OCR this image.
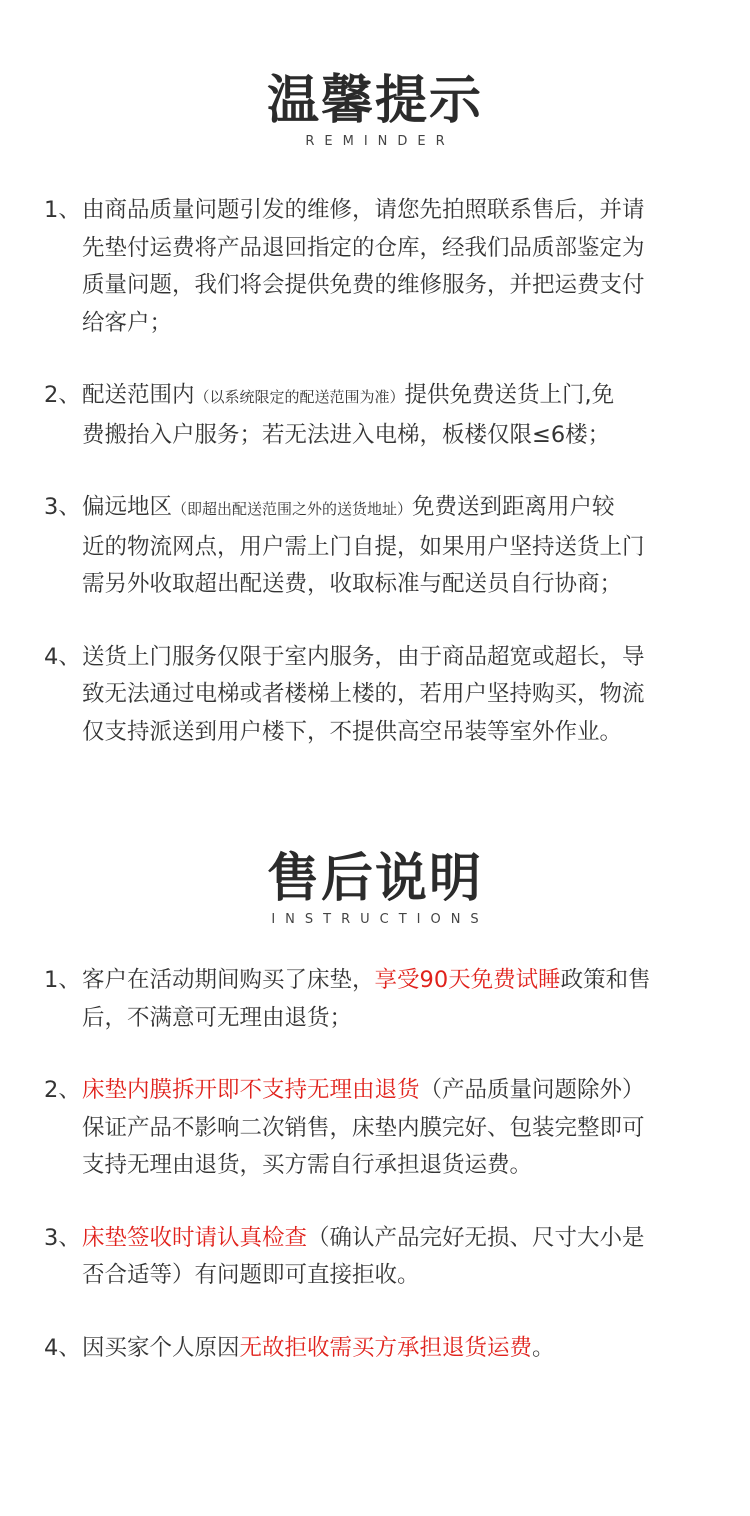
温馨提示
REMINDER
1、 由商品质量问题引发的维修，请您先拍照联系售后，并请

先垫付运费将产品退回指定的仓库，经我们品质部鉴定为

质量问题，我们将会提供免费的维修服务，并把运费支付

给客户；

2、 配送范围内（以系统限定的配送范围为准）提供免费送货上门,免

费搬抬入户服务；若无法进入电梯，板楼仅限≤6楼；

3、 偏远地区（即超出配送范围之外的送货地址）免费送到距离用户较

近的物流网点，用户需上门自提，如果用户坚持送货上门

需另外收取超出配送费，收取标准与配送员自行协商；

4、 送货上门服务仅限于室内服务，由于商品超宽或超长，导

致无法通过电梯或者楼梯上楼的，若用户坚持购买，物流

仅支持派送到用户楼下，不提供高空吊装等室外作业。

售后说明
INSTRUCTIONS
1、 客户在活动期间购买了床垫，享受90天免费试睡政策和售

后，不满意可无理由退货；

2、 床垫内膜拆开即不支持无理由退货（产品质量问题除外）

保证产品不影响二次销售，床垫内膜完好、包装完整即可

支持无理由退货，买方需自行承担退货运费。

3、 床垫签收时请认真检查（确认产品完好无损、尺寸大小是

否合适等）有问题即可直接拒收。

4、 因买家个人原因无故拒收需买方承担退货运费。
